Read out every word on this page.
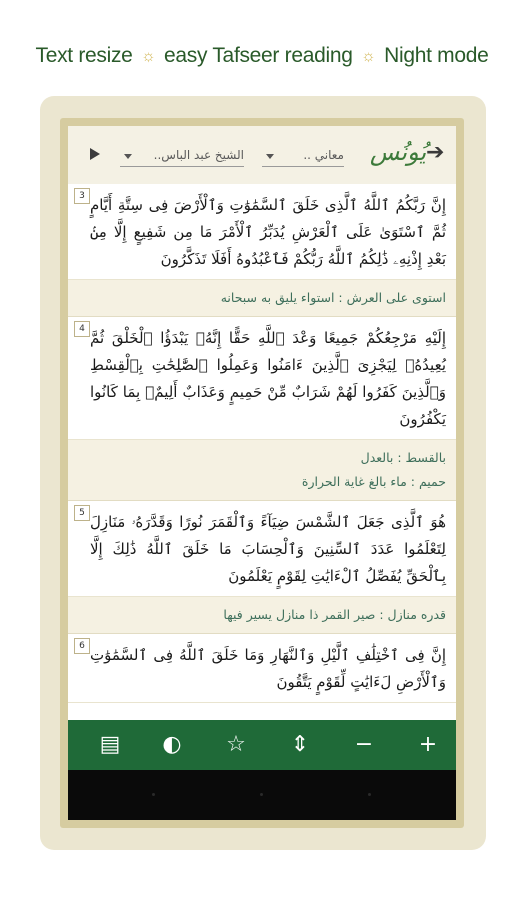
Text resize ☼ easy Tafseer reading ☼ Night mode
الشيخ عبد الباس..	معاني .. يُونُس ➔
3 إِنَّ رَبَّكُمُ ٱللَّهُ ٱلَّذِى خَلَقَ ٱلسَّمَٰوَٰتِ وَٱلْأَرْضَ فِى سِتَّةِ أَيَّامٍ ثُمَّ ٱسْتَوَىٰ عَلَى ٱلْعَرْشِ يُدَبِّرُ ٱلْأَمْرَ مَا مِن شَفِيعٍ إِلَّا مِنۢ بَعْدِ إِذْنِهِۦ ذَٰلِكُمُ ٱللَّهُ رَبُّكُمْ فَٱعْبُدُوهُ أَفَلَا تَذَكَّرُونَ
استوى على العرش : استواء يليق به سبحانه
4 إِلَيْهِ مَرْجِعُكُمْ جَمِيعًا وَعْدَ ٱللَّهِ حَقًّا إِنَّهُۥ يَبْدَؤُا ٱلْخَلْقَ ثُمَّ يُعِيدُهُۥ لِيَجْزِىَ ٱلَّذِينَ ءَامَنُوا وَعَمِلُوا ٱلصَّٰلِحَٰتِ بِٱلْقِسْطِ وَٱلَّذِينَ كَفَرُوا لَهُمْ شَرَابٌ مِّنْ حَمِيمٍ وَعَذَابٌ أَلِيمٌۢ بِمَا كَانُوا يَكْفُرُونَ
بالقسط : بالعدل
حميم : ماء بالغ غاية الحرارة
5 هُوَ ٱلَّذِى جَعَلَ ٱلشَّمْسَ ضِيَآءً وَٱلْقَمَرَ نُورًا وَقَدَّرَهُۥ مَنَازِلَ لِتَعْلَمُوا عَدَدَ ٱلسِّنِينَ وَٱلْحِسَابَ مَا خَلَقَ ٱللَّهُ ذَٰلِكَ إِلَّا بِٱلْحَقِّ يُفَصِّلُ ٱلْءَايَٰتِ لِقَوْمٍ يَعْلَمُونَ
قدره منازل : صير القمر ذا منازل يسير فيها
6 إِنَّ فِى ٱخْتِلَٰفِ ٱلَّيْلِ وَٱلنَّهَارِ وَمَا خَلَقَ ٱللَّهُ فِى ٱلسَّمَٰوَٰتِ وَٱلْأَرْضِ لَءَايَٰتٍ لِّقَوْمٍ يَتَّقُونَ
▤ ◐ ☆ ⇕ − +
